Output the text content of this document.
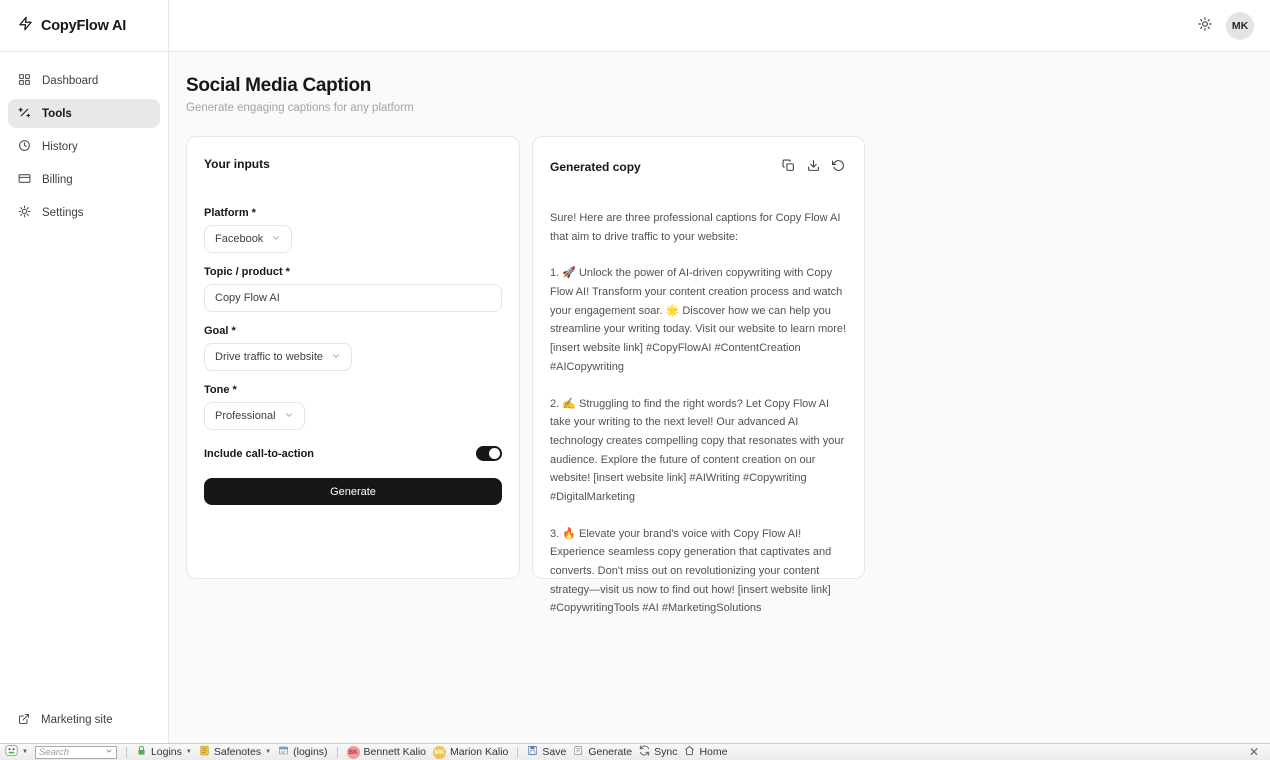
CopyFlow AI
Dashboard
Tools
History
Billing
Settings
Marketing site
MK
Social Media Caption

Generate engaging captions for any platform

Your inputs
Platform *
Facebook
Topic / product *
Copy Flow AI
Goal *
Drive traffic to website
Tone *
Professional
Include call-to-action
Generate
Generated copy

Sure! Here are three professional captions for Copy Flow AI that aim to drive traffic to your website:

1. 🚀 Unlock the power of AI-driven copywriting with Copy Flow AI! Transform your content creation process and watch your engagement soar. 🌟 Discover how we can help you streamline your writing today. Visit our website to learn more! [insert website link] #CopyFlowAI #ContentCreation #AICopywriting

2. ✍️ Struggling to find the right words? Let Copy Flow AI take your writing to the next level! Our advanced AI technology creates compelling copy that resonates with your audience. Explore the future of content creation on our website! [insert website link] #AIWriting #Copywriting #DigitalMarketing

3. 🔥 Elevate your brand's voice with Copy Flow AI! Experience seamless copy generation that captivates and converts. Don't miss out on revolutionizing your content strategy—visit us now to find out how! [insert website link] #CopywritingTools #AI #MarketingSolutions

▼
Search	Logins ▼ Safenotes ▼ (logins)	BK Bennett Kalio MK Marion Kalio	Save Generate Sync Home	✕
